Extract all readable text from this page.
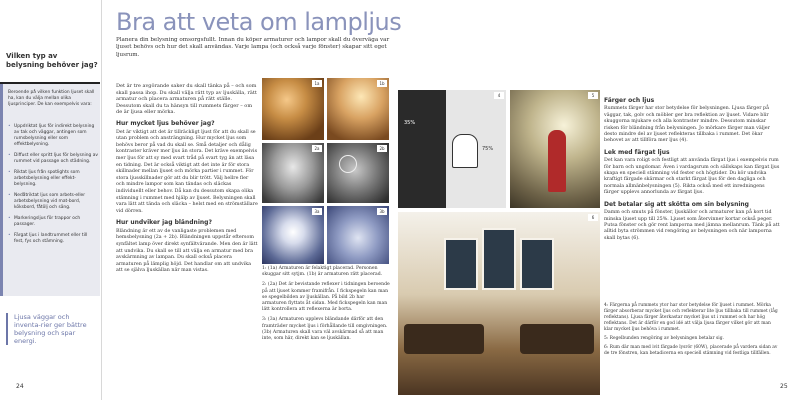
Vilken typ av belysning behöver jag?
Beroende på vilken funktion ljuset skall ha, kan du välja mellan olika ljusprinciper. De kan exempelvis vara:
• Uppdriktat ljus för indirekt belysning av tak och väggar, antingen som rumsbelysning eller som effektbelysning.
• Diffust eller spritt ljus för belysning av rummet vid passage och städning.
• Riktat ljus från spotlights som arbetsbelysning eller effekt-belysning.
• Nedåtriktat ljus som arbets-eller arbetsbelysning vid mat-bord, köksbord, fåtölj och säng.
• Markeringsljus för trappor och passager.
• Färgat ljus i landtrummet eller till fest, fys och stämning.
Ljusa väggar och inventa-rier ger bättre belysning och spar energi.
24
Bra att veta om lampljus
Planera din belysning omsorgsfullt. Innan du köper armaturer och lampor skall du överväga var ljuset behövs och hur det skall användas. Varje lampa (och också varje fönster) skapar sitt eget ljusrum.

Det är tre avgörande saker du skall tänka på – och som skall passa ihop. Du skall välja rätt typ av ljuskälla, rätt armatur och placera armaturen på rätt ställe. Dessutom skall du ta hänsyn till rummets färger – om de är ljusa eller mörka.

Hur mycket ljus behöver jag?

Det är viktigt att det är tillräckligt ljust för att du skall se utan problem och ansträngning. Hur mycket ljus som behövs beror på vad du skall se. Små detaljer och dålig kontraster kräver mer ljus än stora. Det kräve exempelvis mer ljus för att sy med svart tråd på svart tyg än att läsa en tidning. Det är också viktigt att det inte är för stora skillnader mellan ljuset och mörka partier i rummet. För stora ljusskillnader gör att du blir trött. Välj hellre fler och mindre lampor som kan tändas och släckas individuellt eller behov. Då kan du dessutom skapa olika stämning i rummet med hjälp av ljuset. Belysningen skall vara lätt att tända och släcka – helst med en strömställare vid dörren.

Hur undviker jag bländning?

Bländning är ett av de vanligaste problemen med hemsbelysning (2a + 2b). Bländningen uppstår eftersom synfältet lamp över direkt synfältvärande. Men den är lätt att undvika. Du skall se till att välja en armatur med bra avskärmning av lampan. Du skall också placera armaturen på lämplig höjd. Det handlar om att undvika att se själva ljuskällan när man vistas.

1a	1b
2a	2b
3a	3b
35%
75%
4	5
6

1: (1a) Armaturen är felaktigt placerad. Personen skuggar sitt sytjm. (1b) är armaturen rätt placerad.

2: (2a) Det är bevistande reflexer i tidningen beroende på att ljuset kommer framifrån. I fickspegeln kan man se spegelbilden av ljuskällan. På bild 2b har armaturen flyttats åt sidan. Med fickspegeln kan man lätt kontrollera att reflexerna är borta.

3: (3a) Armaturen upplevs bländande därför att den framträder mycket ljus i förhållande till omgivningen. (3b) Armaturen skall vara väl avskärmad så att man inte, som här, direkt kan se ljuskällan.

Färger och ljus

Rummets färger har stor betydelse för belysningen. Ljusa färger på väggar, tak, golv och möbler ger bra reflektion av ljuset. Vidare blir skuggorna mjukare och alla kontraster mindre. Dessutom minskar risken för bländning från belysningen. Jo mörkare färger man väljer desto mindre del av ljuset reflekteras tillbaka i rummet. Det ökar behovet av att tillföra mer ljus (4).

Lek med färgat ljus

Det kan vara roligt och festligt att använda färgat ljus i exempelvis rum för barn och ungdomar. Även i vardagsrum och sällskaps kan färgat ljus skapa en speciell stämning vid fester och högtider. Du kör undvika kraftigt färgade skärmar och starkt färgat ljus för den dagliga och normala allmänbelysningen (5). Rikta också med ett inredningens färger upplevs annorlunda av färgat ljus.

Det betalar sig att skötta om sin belysning

Damm och smuts på fönster, ljuskällor och armaturer kan på kort tid minska ljuset upp till 25%. Ljuset som återvinner kortar också peger. Putsa fönster och gör rent lamporna med jämna mellanrum. Tänk på att alltid byta strömmen vid rengöring av belysningen och när lamporna skall bytas (6).

4: Färgerna på rummets ytor har stor betydelse för ljuset i rummet. Mörka färger absorberar mycket ljus och reflekterar lite ljus tillbaka till rummet (låg reflektans). Ljusa färger återkastar mycket ljus ut i rummet och har hög reflektans. Det är därför en god idé att välja ljusa färger vilket gör att man klar mycket ljus behöva i rummet.

5: Regelbunden rengöring av belysningen betalar sig.

6: Rum där man med ivit färgade lysrör (60W), placerade på vardera sidan av de tre fönstren, kan betadicerna en speciell stämning vid festliga tillfällen.

25
